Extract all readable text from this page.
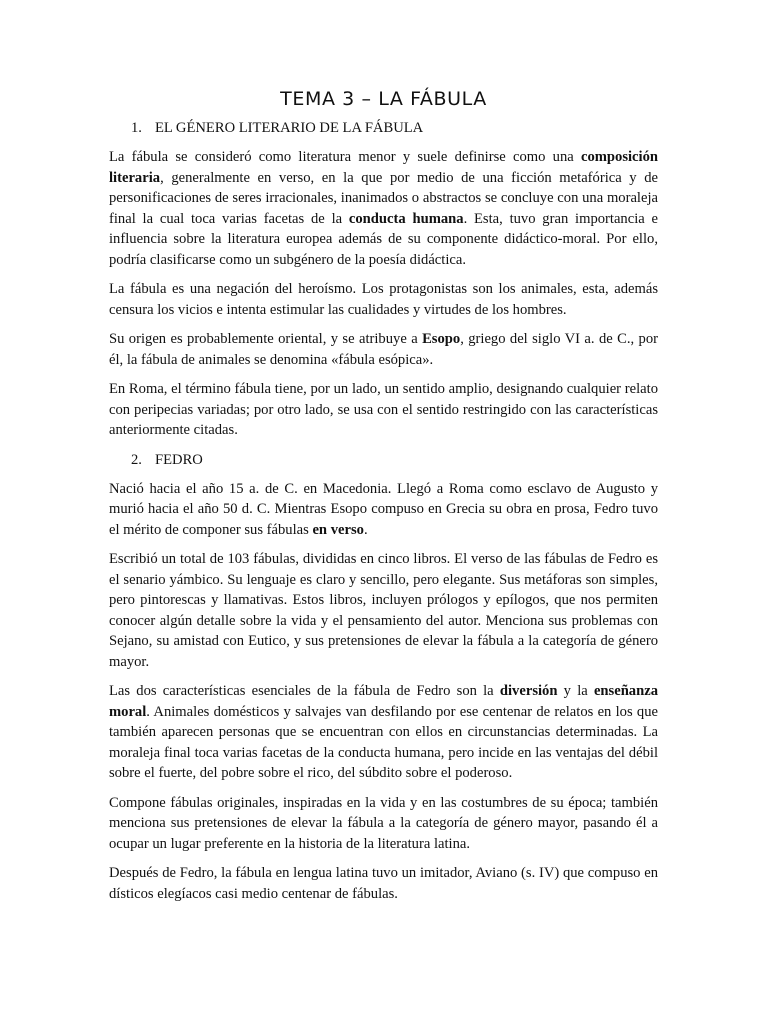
TEMA 3 – LA FÁBULA
1. EL GÉNERO LITERARIO DE LA FÁBULA

La fábula se consideró como literatura menor y suele definirse como una composición literaria, generalmente en verso, en la que por medio de una ficción metafórica y de personificaciones de seres irracionales, inanimados o abstractos se concluye con una moraleja final la cual toca varias facetas de la conducta humana. Esta, tuvo gran importancia e influencia sobre la literatura europea además de su componente didáctico-moral. Por ello, podría clasificarse como un subgénero de la poesía didáctica.

La fábula es una negación del heroísmo. Los protagonistas son los animales, esta, además censura los vicios e intenta estimular las cualidades y virtudes de los hombres.

Su origen es probablemente oriental, y se atribuye a Esopo, griego del siglo VI a. de C., por él, la fábula de animales se denomina «fábula esópica».

En Roma, el término fábula tiene, por un lado, un sentido amplio, designando cualquier relato con peripecias variadas; por otro lado, se usa con el sentido restringido con las características anteriormente citadas.

2. FEDRO

Nació hacia el año 15 a. de C. en Macedonia. Llegó a Roma como esclavo de Augusto y murió hacia el año 50 d. C. Mientras Esopo compuso en Grecia su obra en prosa, Fedro tuvo el mérito de componer sus fábulas en verso.

Escribió un total de 103 fábulas, divididas en cinco libros. El verso de las fábulas de Fedro es el senario yámbico. Su lenguaje es claro y sencillo, pero elegante. Sus metáforas son simples, pero pintorescas y llamativas. Estos libros, incluyen prólogos y epílogos, que nos permiten conocer algún detalle sobre la vida y el pensamiento del autor. Menciona sus problemas con Sejano, su amistad con Eutico, y sus pretensiones de elevar la fábula a la categoría de género mayor.

Las dos características esenciales de la fábula de Fedro son la diversión y la enseñanza moral. Animales domésticos y salvajes van desfilando por ese centenar de relatos en los que también aparecen personas que se encuentran con ellos en circunstancias determinadas. La moraleja final toca varias facetas de la conducta humana, pero incide en las ventajas del débil sobre el fuerte, del pobre sobre el rico, del súbdito sobre el poderoso.

Compone fábulas originales, inspiradas en la vida y en las costumbres de su época; también menciona sus pretensiones de elevar la fábula a la categoría de género mayor, pasando él a ocupar un lugar preferente en la historia de la literatura latina.

Después de Fedro, la fábula en lengua latina tuvo un imitador, Aviano (s. IV) que compuso en dísticos elegíacos casi medio centenar de fábulas.
